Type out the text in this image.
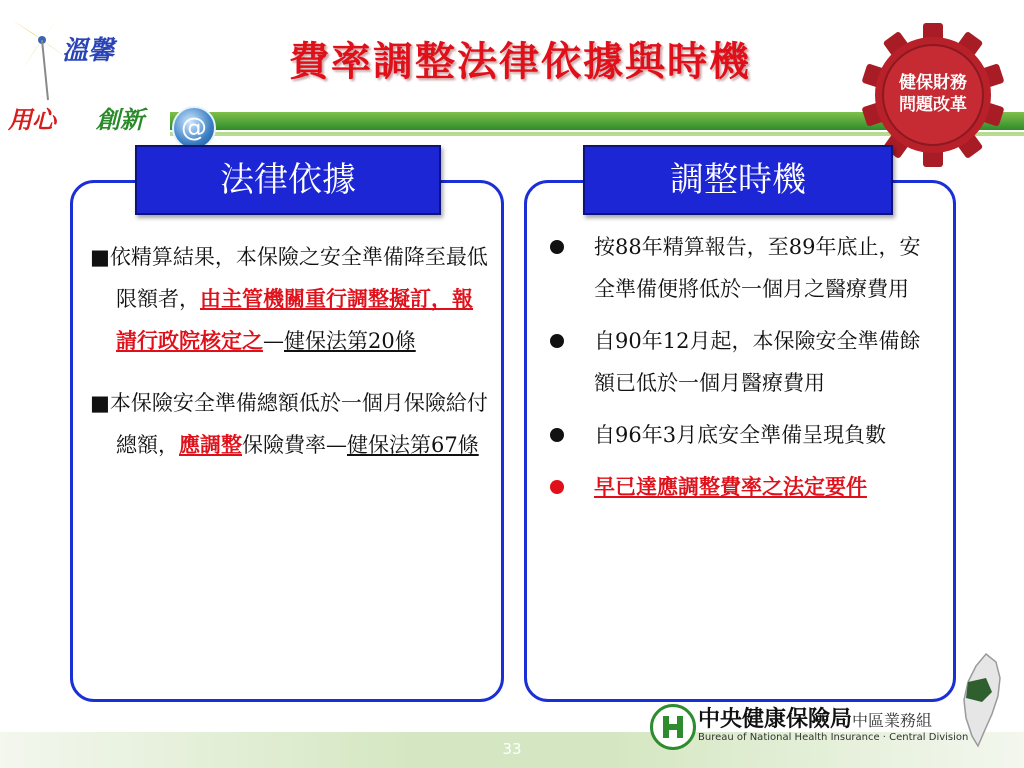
溫馨
用心 創新	@
費率調整法律依據與時機	健保財務
問題改革
法律依據	調整時機
■依精算結果，本保險之安全準備降至最低限額者，由主管機關重行調整擬訂，報請行政院核定之—健保法第20條
■本保險安全準備總額低於一個月保險給付總額，應調整保險費率—健保法第67條
按88年精算報告，至89年底止，安全準備便將低於一個月之醫療費用
自90年12月起，本保險安全準備餘額已低於一個月醫療費用
自96年3月底安全準備呈現負數
早已達應調整費率之法定要件
33
中央健康保險局中區業務組
Bureau of National Health Insurance · Central Division
